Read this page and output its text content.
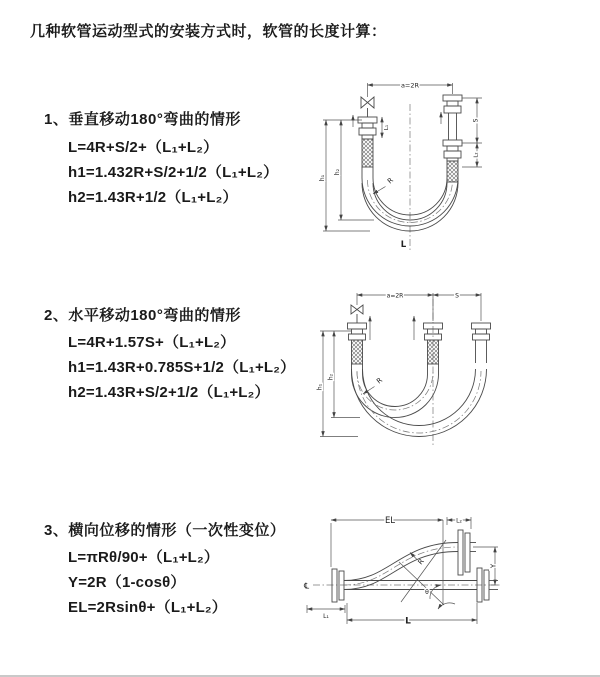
几种软管运动型式的安装方式时，软管的长度计算：
1、垂直移动180°弯曲的情形
L=4R+S/2+（L₁+L₂）
h1=1.432R+S/2+1/2（L₁+L₂）
h2=1.43R+1/2（L₁+L₂）
2、水平移动180°弯曲的情形
L=4R+1.57S+（L₁+L₂）
h1=1.43R+0.785S+1/2（L₁+L₂）
h2=1.43R+S/2+1/2（L₁+L₂）
3、横向位移的情形（一次性变位）
L=πRθ/90+（L₁+L₂）
Y=2R（1-cosθ）
EL=2Rsinθ+（L₁+L₂）
a=2R
h₁
h₂
S
L₂
L₁
R
L
a=2R	S
h₁
h₂	R
℄
θ
R
EL	L₂
Y
L
L₁
